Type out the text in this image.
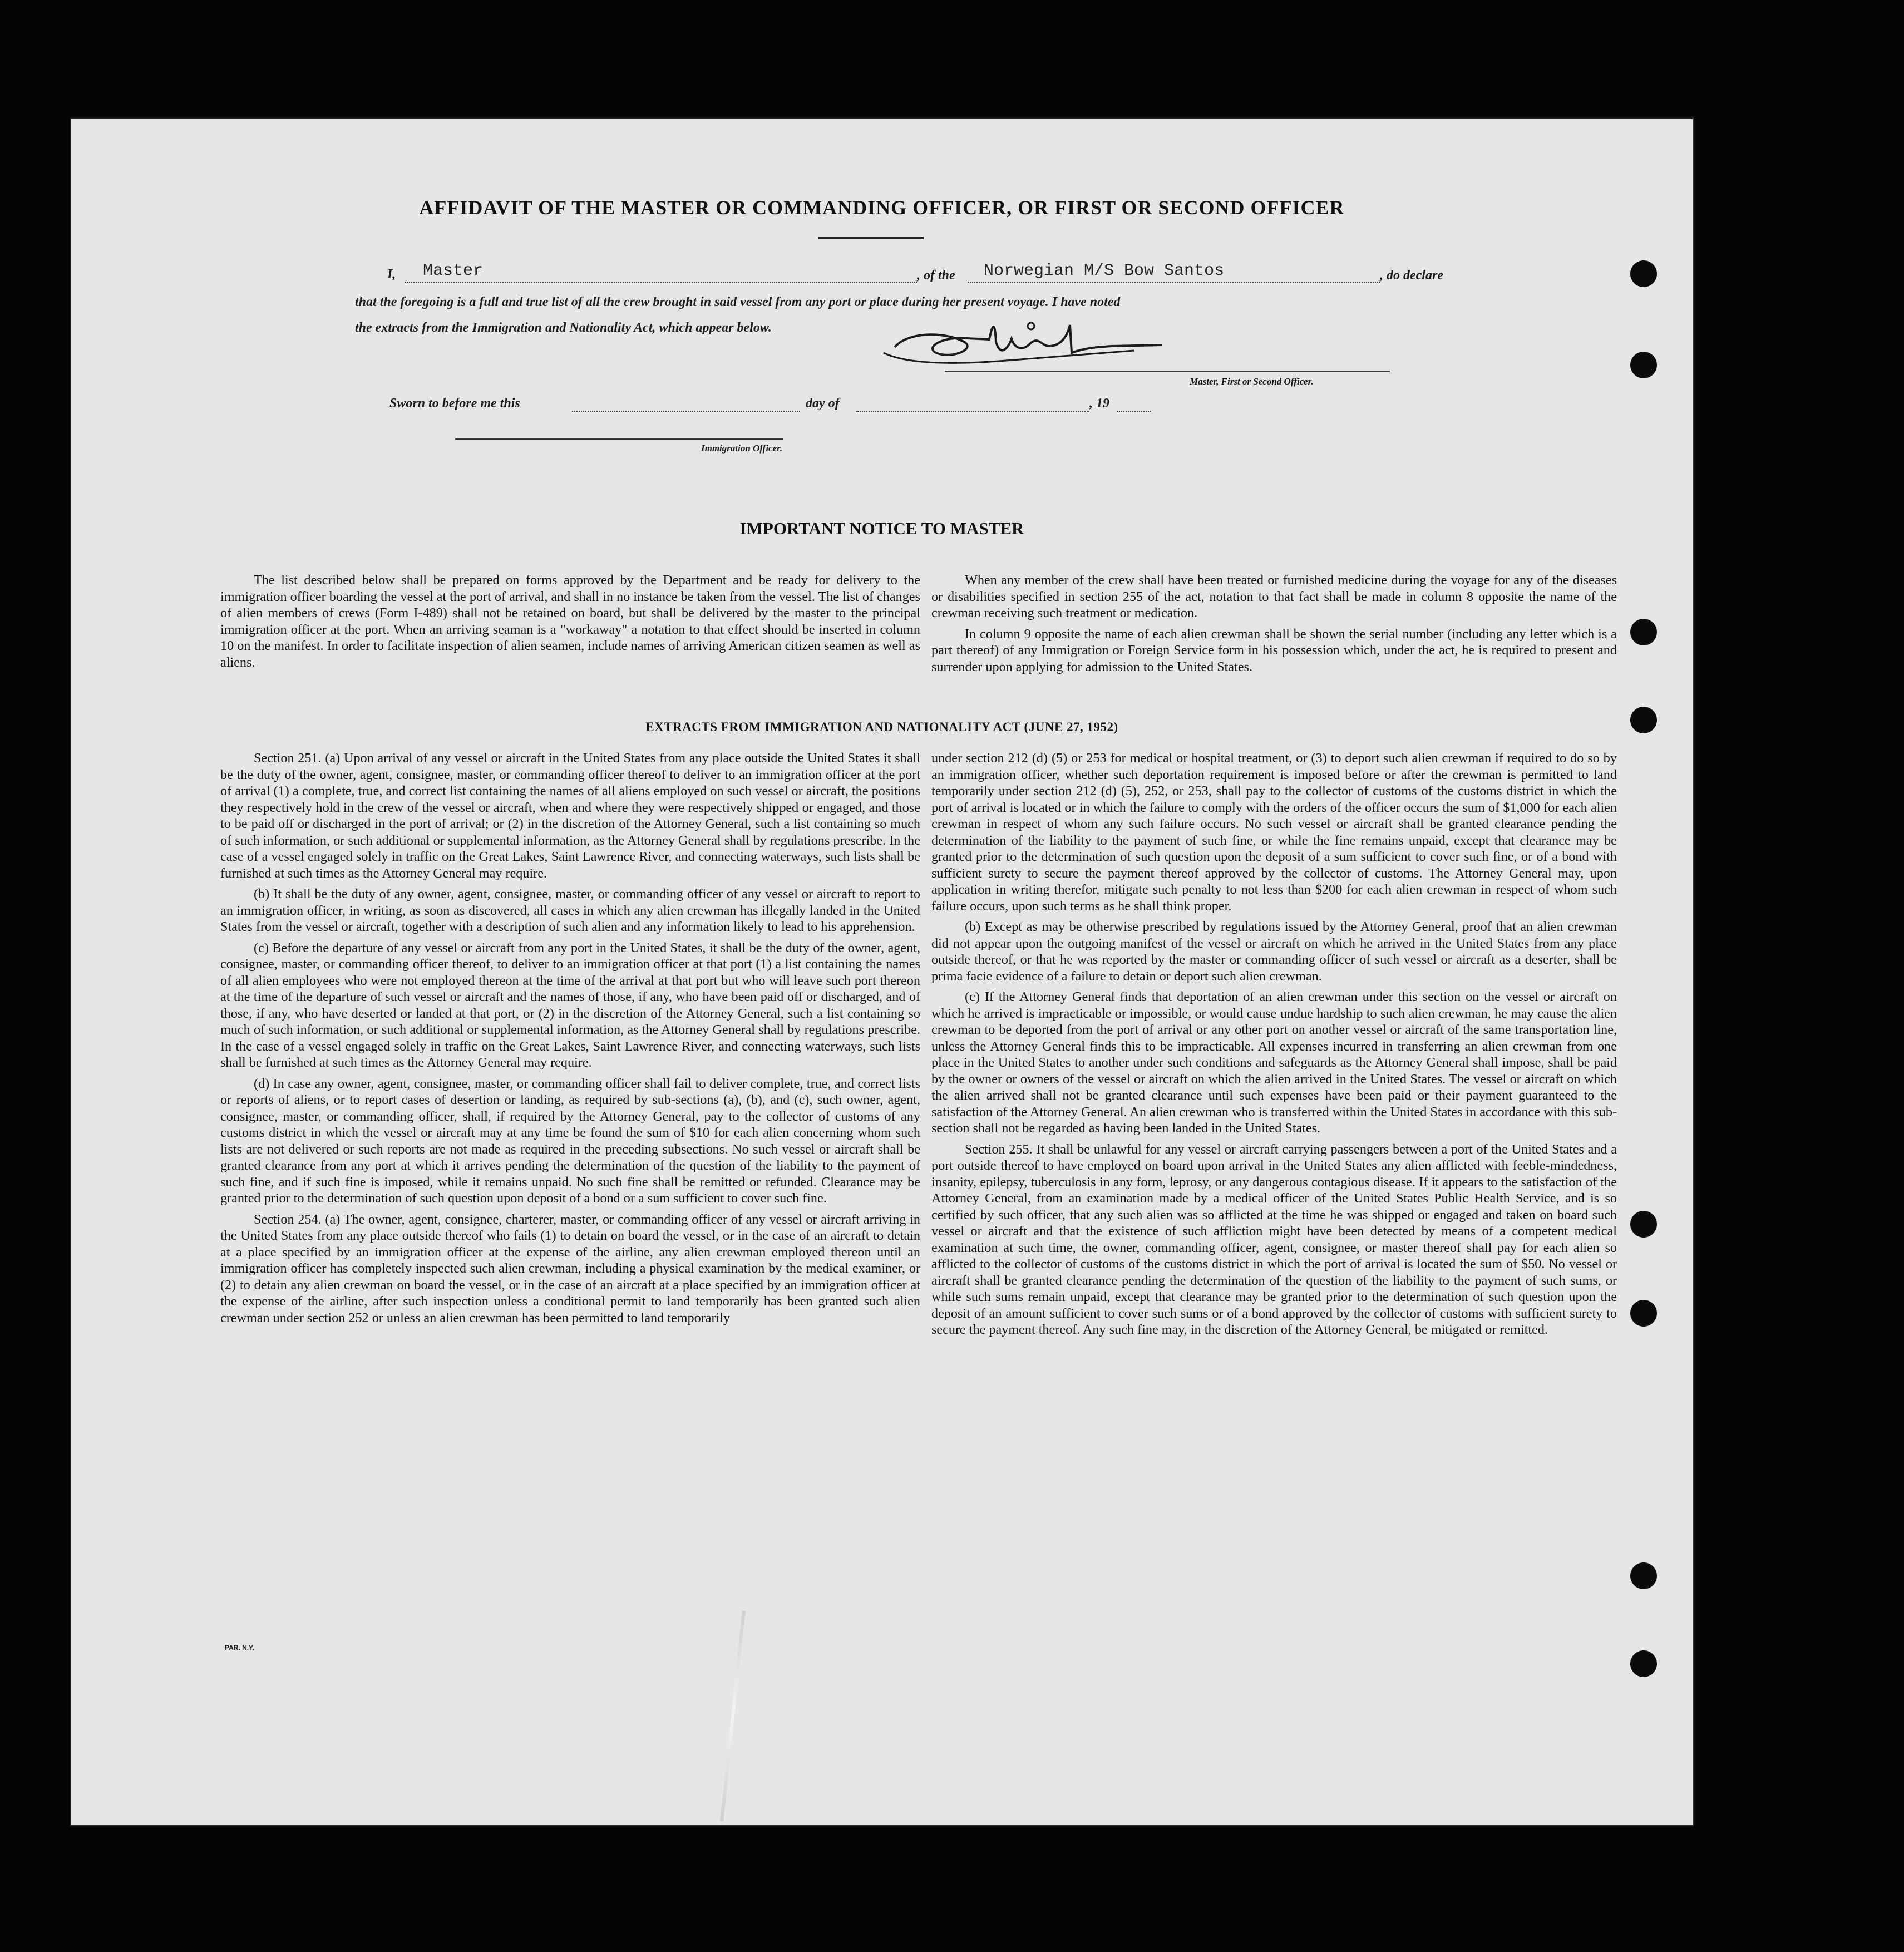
AFFIDAVIT OF THE MASTER OR COMMANDING OFFICER, OR FIRST OR SECOND OFFICER
I, Master	, of the Norwegian M/S Bow Santos	, do declare
that the foregoing is a full and true list of all the crew brought in said vessel from any port or place during her present voyage. I have noted
the extracts from the Immigration and Nationality Act, which appear below.
Master, First or Second Officer.
Sworn to before me this	day of	, 19
Immigration Officer.
IMPORTANT NOTICE TO MASTER

The list described below shall be prepared on forms approved by the Department and be ready for delivery to the immigration officer boarding the vessel at the port of arrival, and shall in no instance be taken from the vessel. The list of changes of alien members of crews (Form I-489) shall not be retained on board, but shall be delivered by the master to the principal immigration officer at the port. When an arriving seaman is a "workaway" a notation to that effect should be inserted in column 10 on the manifest. In order to facilitate inspection of alien seamen, include names of arriving American citizen seamen as well as aliens.

When any member of the crew shall have been treated or furnished medicine during the voyage for any of the diseases or disabilities specified in section 255 of the act, notation to that fact shall be made in column 8 opposite the name of the crewman receiving such treatment or medication.

In column 9 opposite the name of each alien crewman shall be shown the serial number (including any letter which is a part thereof) of any Immigration or Foreign Service form in his possession which, under the act, he is required to present and surrender upon applying for admission to the United States.

EXTRACTS FROM IMMIGRATION AND NATIONALITY ACT (JUNE 27, 1952)

Section 251. (a) Upon arrival of any vessel or aircraft in the United States from any place outside the United States it shall be the duty of the owner, agent, consignee, master, or commanding officer thereof to deliver to an immigration officer at the port of arrival (1) a complete, true, and correct list containing the names of all aliens employed on such vessel or aircraft, the positions they respectively hold in the crew of the vessel or aircraft, when and where they were respectively shipped or engaged, and those to be paid off or discharged in the port of arrival; or (2) in the discretion of the Attorney General, such a list containing so much of such information, or such additional or supplemental information, as the Attorney General shall by regulations prescribe. In the case of a vessel engaged solely in traffic on the Great Lakes, Saint Lawrence River, and connecting waterways, such lists shall be furnished at such times as the Attorney General may require.

(b) It shall be the duty of any owner, agent, consignee, master, or commanding officer of any vessel or aircraft to report to an immigration officer, in writing, as soon as discovered, all cases in which any alien crewman has illegally landed in the United States from the vessel or aircraft, together with a description of such alien and any information likely to lead to his apprehension.

(c) Before the departure of any vessel or aircraft from any port in the United States, it shall be the duty of the owner, agent, consignee, master, or commanding officer thereof, to deliver to an immigration officer at that port (1) a list containing the names of all alien employees who were not employed thereon at the time of the arrival at that port but who will leave such port thereon at the time of the departure of such vessel or aircraft and the names of those, if any, who have been paid off or discharged, and of those, if any, who have deserted or landed at that port, or (2) in the discretion of the Attorney General, such a list containing so much of such information, or such additional or supplemental information, as the Attorney General shall by regulations prescribe. In the case of a vessel engaged solely in traffic on the Great Lakes, Saint Lawrence River, and connecting waterways, such lists shall be furnished at such times as the Attorney General may require.

(d) In case any owner, agent, consignee, master, or commanding officer shall fail to deliver complete, true, and correct lists or reports of aliens, or to report cases of desertion or landing, as required by sub-sections (a), (b), and (c), such owner, agent, consignee, master, or commanding officer, shall, if required by the Attorney General, pay to the collector of customs of any customs district in which the vessel or aircraft may at any time be found the sum of $10 for each alien concerning whom such lists are not delivered or such reports are not made as required in the preceding subsections. No such vessel or aircraft shall be granted clearance from any port at which it arrives pending the determination of the question of the liability to the payment of such fine, and if such fine is imposed, while it remains unpaid. No such fine shall be remitted or refunded. Clearance may be granted prior to the determination of such question upon deposit of a bond or a sum sufficient to cover such fine.

Section 254. (a) The owner, agent, consignee, charterer, master, or commanding officer of any vessel or aircraft arriving in the United States from any place outside thereof who fails (1) to detain on board the vessel, or in the case of an aircraft to detain at a place specified by an immigration officer at the expense of the airline, any alien crewman employed thereon until an immigration officer has completely inspected such alien crewman, including a physical examination by the medical examiner, or (2) to detain any alien crewman on board the vessel, or in the case of an aircraft at a place specified by an immigration officer at the expense of the airline, after such inspection unless a conditional permit to land temporarily has been granted such alien crewman under section 252 or unless an alien crewman has been permitted to land temporarily

under section 212 (d) (5) or 253 for medical or hospital treatment, or (3) to deport such alien crewman if required to do so by an immigration officer, whether such deportation requirement is imposed before or after the crewman is permitted to land temporarily under section 212 (d) (5), 252, or 253, shall pay to the collector of customs of the customs district in which the port of arrival is located or in which the failure to comply with the orders of the officer occurs the sum of $1,000 for each alien crewman in respect of whom any such failure occurs. No such vessel or aircraft shall be granted clearance pending the determination of the liability to the payment of such fine, or while the fine remains unpaid, except that clearance may be granted prior to the determination of such question upon the deposit of a sum sufficient to cover such fine, or of a bond with sufficient surety to secure the payment thereof approved by the collector of customs. The Attorney General may, upon application in writing therefor, mitigate such penalty to not less than $200 for each alien crewman in respect of whom such failure occurs, upon such terms as he shall think proper.

(b) Except as may be otherwise prescribed by regulations issued by the Attorney General, proof that an alien crewman did not appear upon the outgoing manifest of the vessel or aircraft on which he arrived in the United States from any place outside thereof, or that he was reported by the master or commanding officer of such vessel or aircraft as a deserter, shall be prima facie evidence of a failure to detain or deport such alien crewman.

(c) If the Attorney General finds that deportation of an alien crewman under this section on the vessel or aircraft on which he arrived is impracticable or impossible, or would cause undue hardship to such alien crewman, he may cause the alien crewman to be deported from the port of arrival or any other port on another vessel or aircraft of the same transportation line, unless the Attorney General finds this to be impracticable. All expenses incurred in transferring an alien crewman from one place in the United States to another under such conditions and safeguards as the Attorney General shall impose, shall be paid by the owner or owners of the vessel or aircraft on which the alien arrived in the United States. The vessel or aircraft on which the alien arrived shall not be granted clearance until such expenses have been paid or their payment guaranteed to the satisfaction of the Attorney General. An alien crewman who is transferred within the United States in accordance with this sub-section shall not be regarded as having been landed in the United States.

Section 255. It shall be unlawful for any vessel or aircraft carrying passengers between a port of the United States and a port outside thereof to have employed on board upon arrival in the United States any alien afflicted with feeble-mindedness, insanity, epilepsy, tuberculosis in any form, leprosy, or any dangerous contagious disease. If it appears to the satisfaction of the Attorney General, from an examination made by a medical officer of the United States Public Health Service, and is so certified by such officer, that any such alien was so afflicted at the time he was shipped or engaged and taken on board such vessel or aircraft and that the existence of such affliction might have been detected by means of a competent medical examination at such time, the owner, commanding officer, agent, consignee, or master thereof shall pay for each alien so afflicted to the collector of customs of the customs district in which the port of arrival is located the sum of $50. No vessel or aircraft shall be granted clearance pending the determination of the question of the liability to the payment of such sums, or while such sums remain unpaid, except that clearance may be granted prior to the determination of such question upon the deposit of an amount sufficient to cover such sums or of a bond approved by the collector of customs with sufficient surety to secure the payment thereof. Any such fine may, in the discretion of the Attorney General, be mitigated or remitted.

PAR. N.Y.
